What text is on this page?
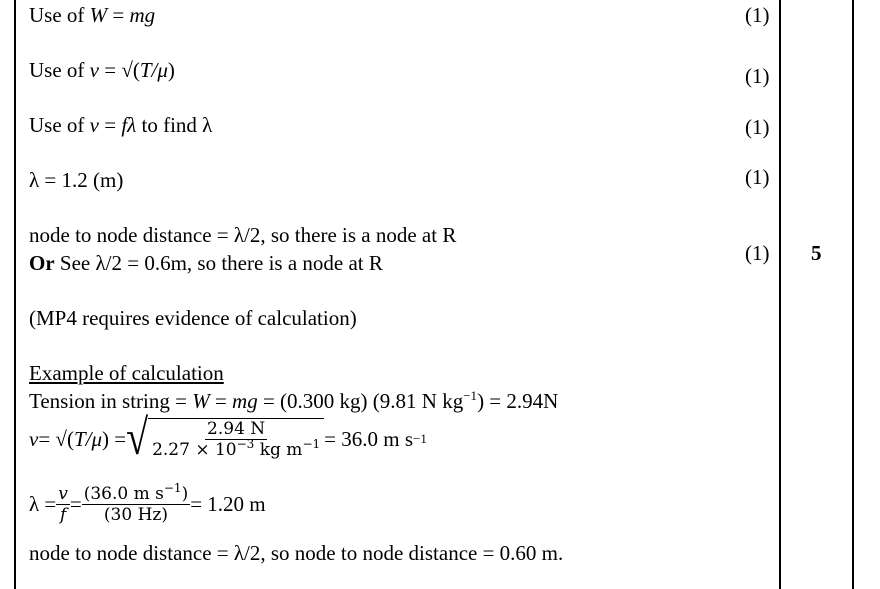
Use of W = mg	(1)
Use of v = √(T/μ)	(1)
Use of v = fλ to find λ	(1)
λ = 1.2 (m)	(1)
node to node distance = λ/2, so there is a node at R
Or See λ/2 = 0.6m, so there is a node at R	(1) 5
(MP4 requires evidence of calculation)
Example of calculation
Tension in string = W = mg = (0.300 kg) (9.81 N $kg^{-1}) = 2.94N$
v = √( T/μ ) = √ $\frac{2.94 N}{2.27 \times 10^{-3} kg m^{-1}} = 36.0$ m s −1
$\lambda = \frac{v}{f} = \frac{(36.0 m s^{-1})}{(30 Hz)} = 1.20$ m
node to node distance = λ/2, so node to node distance = 0.60 m.
